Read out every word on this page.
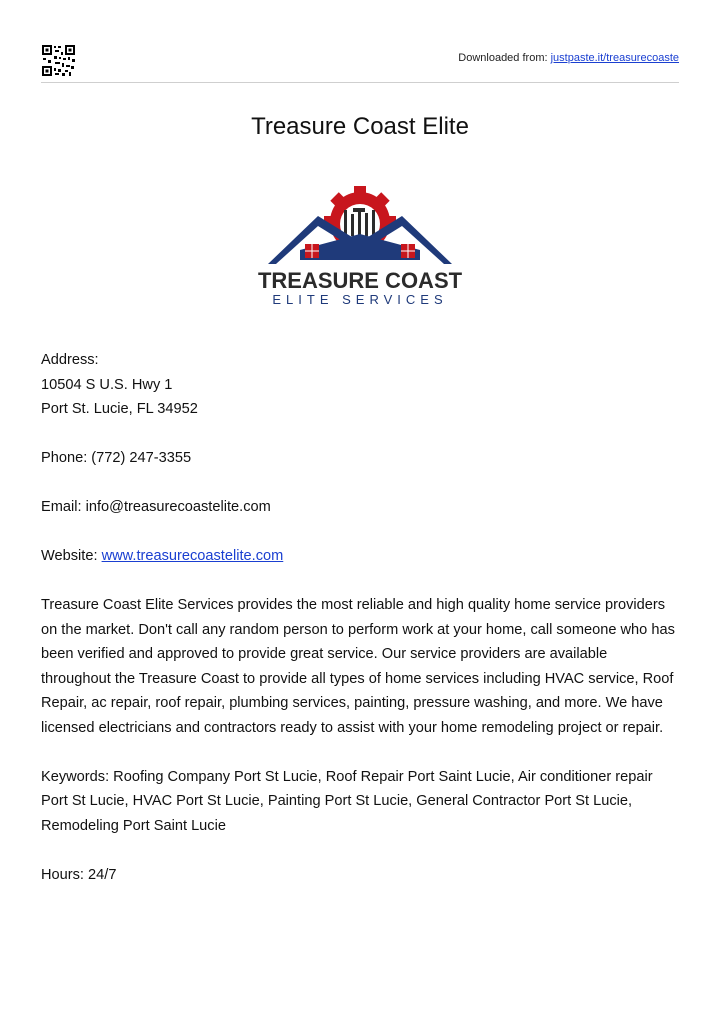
Downloaded from: justpaste.it/treasurecoaste
Treasure Coast Elite
TREASURE COAST
ELITE SERVICES

Address:
10504 S U.S. Hwy 1
Port St. Lucie, FL 34952

Phone: (772) 247-3355

Email: info@treasurecoastelite.com

Website: www.treasurecoastelite.com

Treasure Coast Elite Services provides the most reliable and high quality home service providers on the market. Don't call any random person to perform work at your home, call someone who has been verified and approved to provide great service. Our service providers are available throughout the Treasure Coast to provide all types of home services including HVAC service, Roof Repair, ac repair, roof repair, plumbing services, painting, pressure washing, and more. We have licensed electricians and contractors ready to assist with your home remodeling project or repair.

Keywords: Roofing Company Port St Lucie, Roof Repair Port Saint Lucie, Air conditioner repair Port St Lucie, HVAC Port St Lucie, Painting Port St Lucie, General Contractor Port St Lucie, Remodeling Port Saint Lucie

Hours: 24/7
